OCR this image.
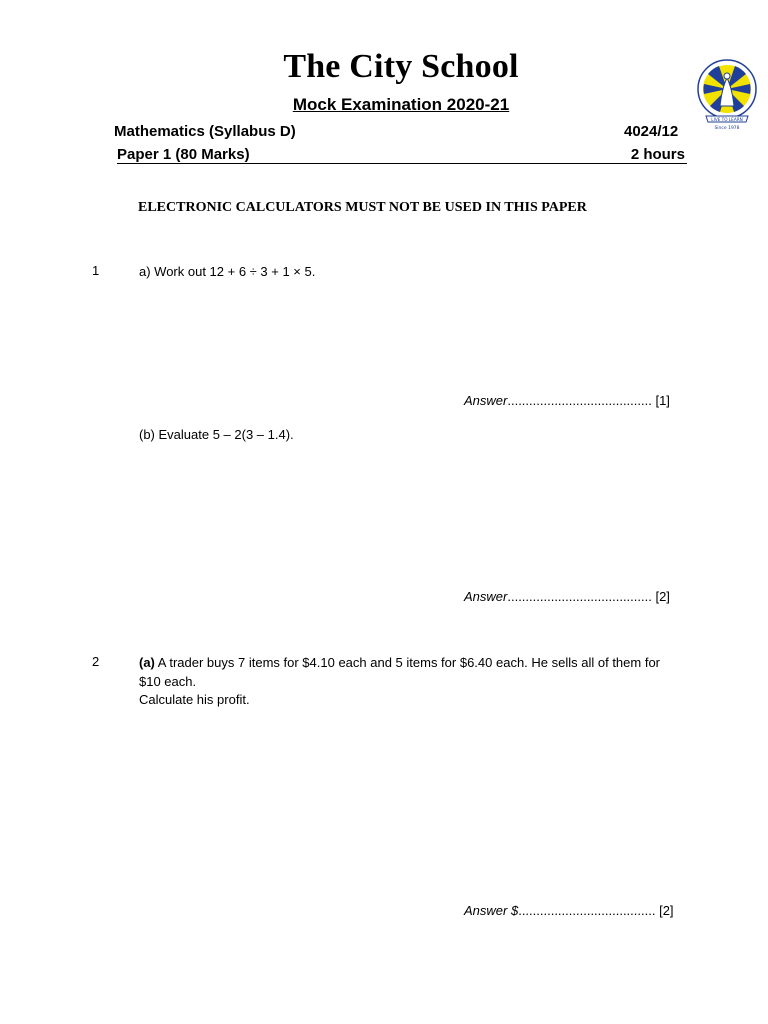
The City School
Mock Examination 2020-21
LIVE TO LEARN
Since 1978
Mathematics (Syllabus D)	4024/12
Paper 1 (80 Marks)	2 hours
ELECTRONIC CALCULATORS MUST NOT BE USED IN THIS PAPER
1	a) Work out 12 + 6 ÷ 3 + 1 × 5.
Answer........................................ [1]
(b) Evaluate 5 – 2(3 – 1.4).
Answer........................................ [2]
2	(a) A trader buys 7 items for $4.10 each and 5 items for $6.40 each. He sells all of them for
$10 each.
Calculate his profit.
Answer $...................................... [2]
